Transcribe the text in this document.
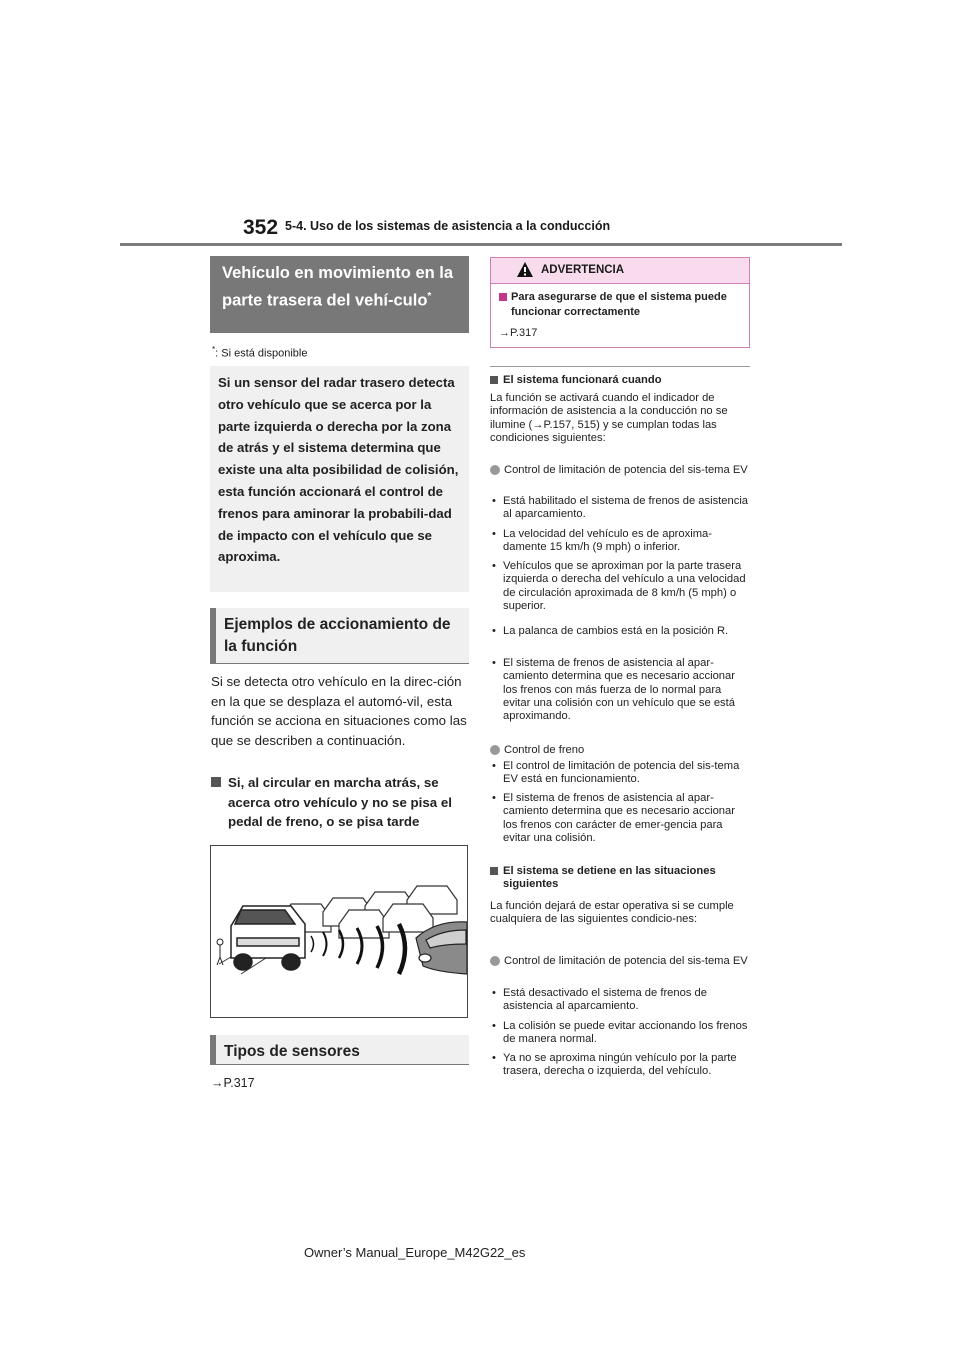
352 5-4. Uso de los sistemas de asistencia a la conducción
Vehículo en movimiento en la parte trasera del vehí-culo*
*: Si está disponible
Si un sensor del radar trasero detecta otro vehículo que se acerca por la parte izquierda o derecha por la zona de atrás y el sistema determina que existe una alta posibilidad de colisión, esta función accionará el control de frenos para aminorar la probabili-dad de impacto con el vehículo que se aproxima.
Ejemplos de accionamiento de la función
Si se detecta otro vehículo en la direc-ción en la que se desplaza el automó-vil, esta función se acciona en situaciones como las que se describen a continuación.
Si, al circular en marcha atrás, se acerca otro vehículo y no se pisa el pedal de freno, o se pisa tarde
Tipos de sensores
→P.317
ADVERTENCIA
Para asegurarse de que el sistema puede funcionar correctamente
→P.317
El sistema funcionará cuando
La función se activará cuando el indicador de información de asistencia a la conducción no se ilumine (→P.157, 515) y se cumplan todas las condiciones siguientes:
Control de limitación de potencia del sis-tema EV
• Está habilitado el sistema de frenos de asistencia al aparcamiento.
• La velocidad del vehículo es de aproxima-damente 15 km/h (9 mph) o inferior.
• Vehículos que se aproximan por la parte trasera izquierda o derecha del vehículo a una velocidad de circulación aproximada de 8 km/h (5 mph) o superior.
• La palanca de cambios está en la posición R.
• El sistema de frenos de asistencia al apar-camiento determina que es necesario accionar los frenos con más fuerza de lo normal para evitar una colisión con un vehículo que se está aproximando.
Control de freno
• El control de limitación de potencia del sis-tema EV está en funcionamiento.
• El sistema de frenos de asistencia al apar-camiento determina que es necesario accionar los frenos con carácter de emer-gencia para evitar una colisión.
El sistema se detiene en las situaciones siguientes
La función dejará de estar operativa si se cumple cualquiera de las siguientes condicio-nes:
Control de limitación de potencia del sis-tema EV
• Está desactivado el sistema de frenos de asistencia al aparcamiento.
• La colisión se puede evitar accionando los frenos de manera normal.
• Ya no se aproxima ningún vehículo por la parte trasera, derecha o izquierda, del vehículo.
Owner’s Manual_Europe_M42G22_es
